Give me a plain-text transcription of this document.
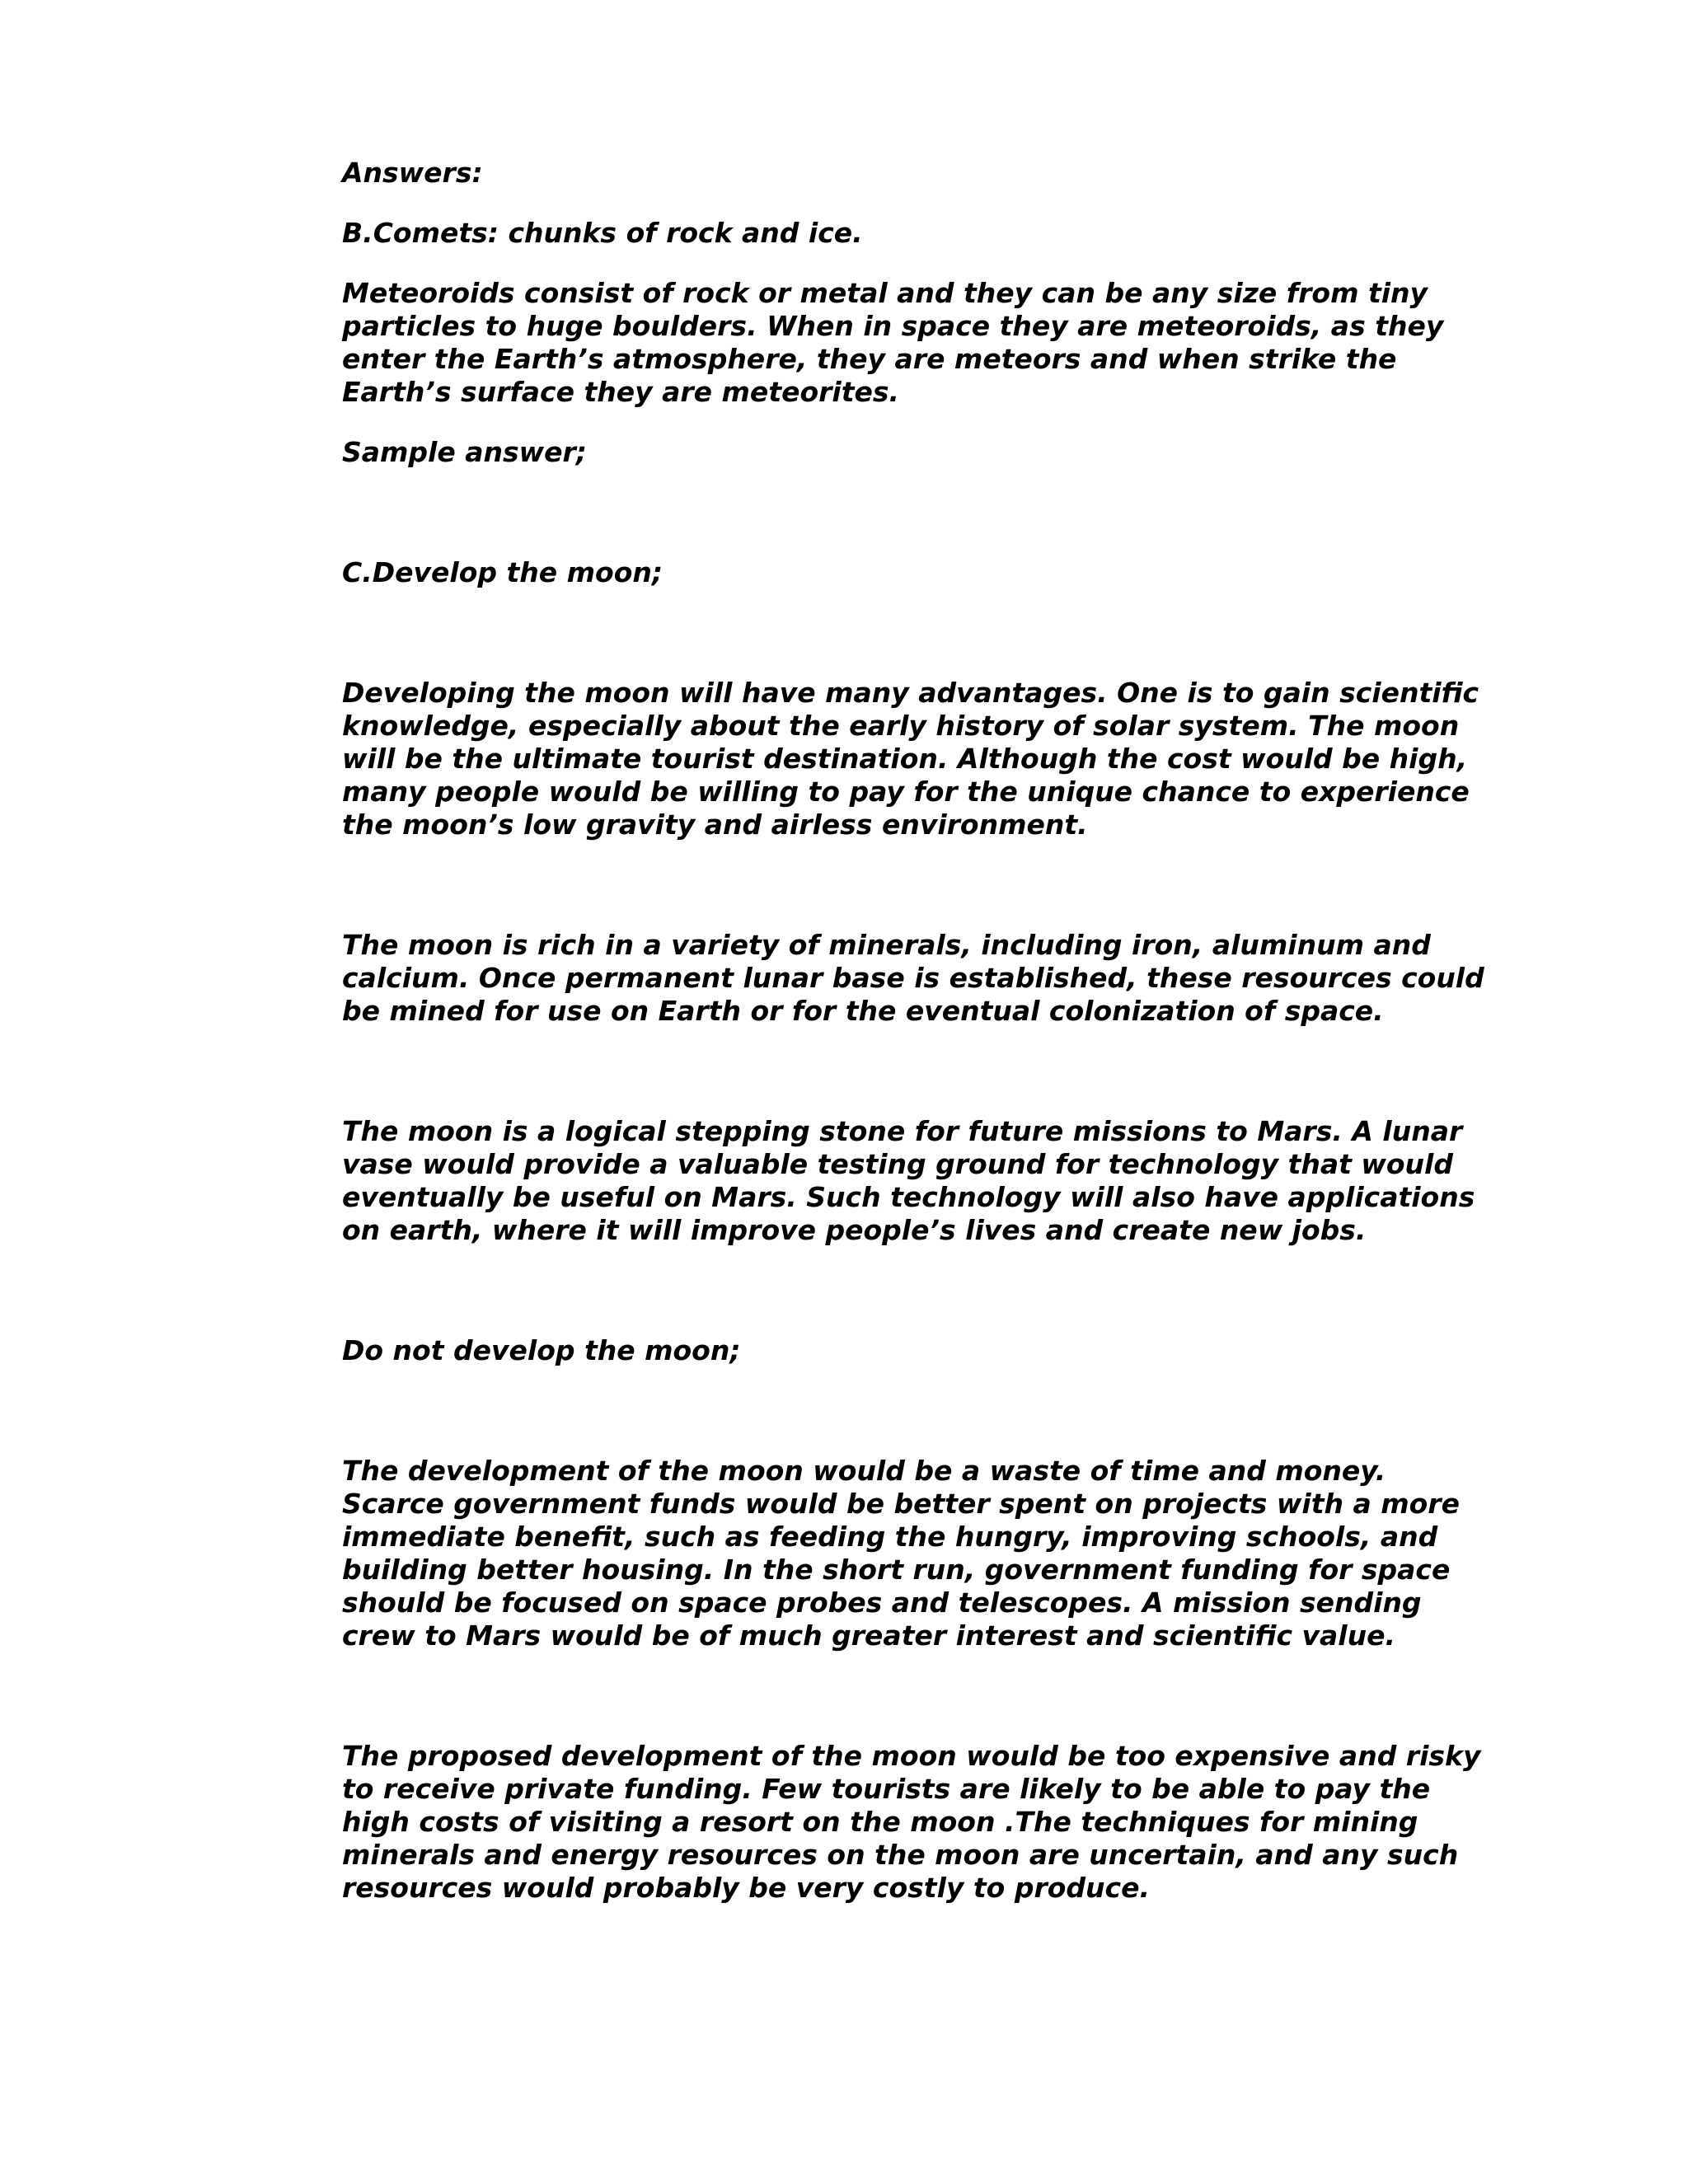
Answers:

B.Comets: chunks of rock and ice.

Meteoroids consist of rock or metal and they can be any size from tiny particles to huge boulders. When in space they are meteoroids, as they enter the Earth’s atmosphere, they are meteors and when strike the Earth’s surface they are meteorites.

Sample answer;

C.Develop the moon;

Developing the moon will have many advantages. One is to gain scientific knowledge, especially about the early history of solar system. The moon will be the ultimate tourist destination. Although the cost would be high, many people would be willing to pay for the unique chance to experience the moon’s low gravity and airless environment.

The moon is rich in a variety of minerals, including iron, aluminum and calcium. Once permanent lunar base is established, these resources could be mined for use on Earth or for the eventual colonization of space.

The moon is a logical stepping stone for future missions to Mars. A lunar vase would provide a valuable testing ground for technology that would eventually be useful on Mars. Such technology will also have applications on earth, where it will improve people’s lives and create new jobs.

Do not develop the moon;

The development of the moon would be a waste of time and money. Scarce government funds would be better spent on projects with a more immediate benefit, such as feeding the hungry, improving schools, and building better housing. In the short run, government funding for space should be focused on space probes and telescopes. A mission sending crew to Mars would be of much greater interest and scientific value.

The proposed development of the moon would be too expensive and risky to receive private funding. Few tourists are likely to be able to pay the high costs of visiting a resort on the moon .The techniques for mining minerals and energy resources on the moon are uncertain, and any such resources would probably be very costly to produce.
